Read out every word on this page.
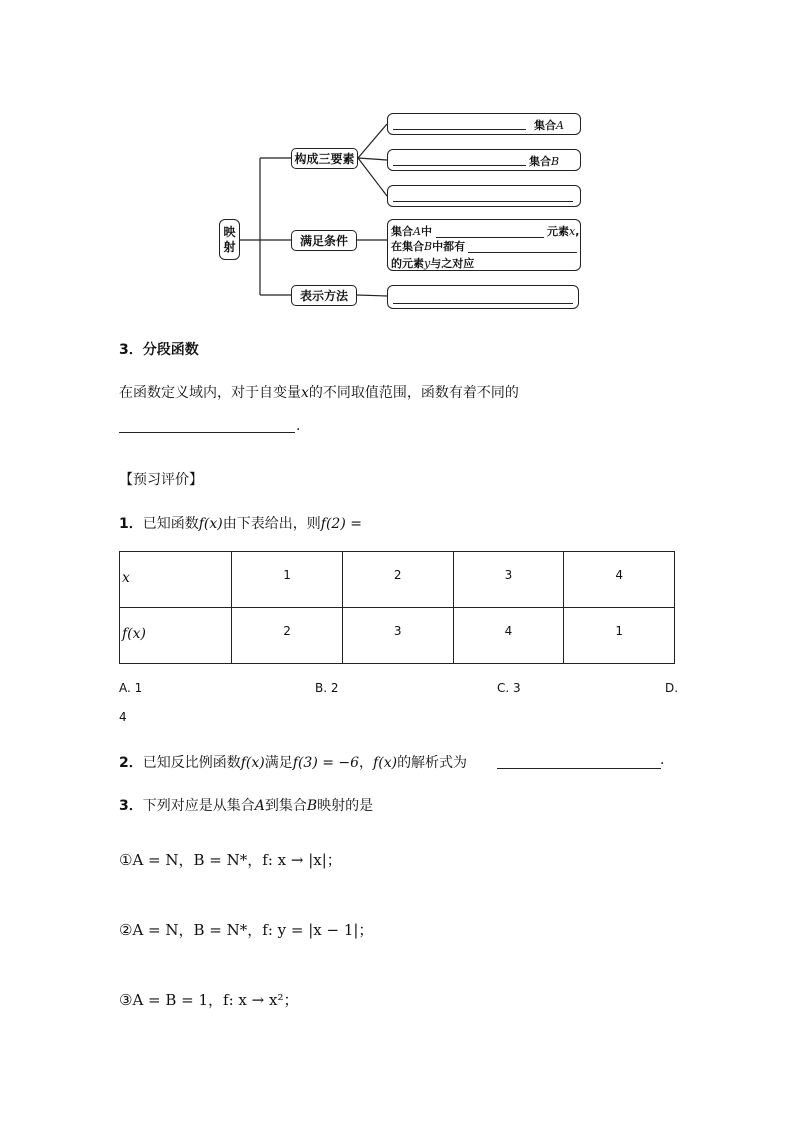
映
射
构成三要素
满足条件
表示方法
集合A
集合B
集合A中	元素x,
在集合B中都有
的元素y与之对应
3．分段函数
在函数定义域内，对于自变量x的不同取值范围，函数有着不同的
.
【预习评价】
1．已知函数f(x)由下表给出，则f(2) =
x	1	2	3	4
f(x)	2	3	4	1
A. 1	B. 2	C. 3	D.
4
2．已知反比例函数f(x)满足f(3) = −6，f(x)的解析式为	.
3．下列对应是从集合A到集合B映射的是
①A = N，B = N*，f: x → |x|；
②A = N，B = N*，f: y = |x − 1|；
③A = B = 1，f: x → x²；
